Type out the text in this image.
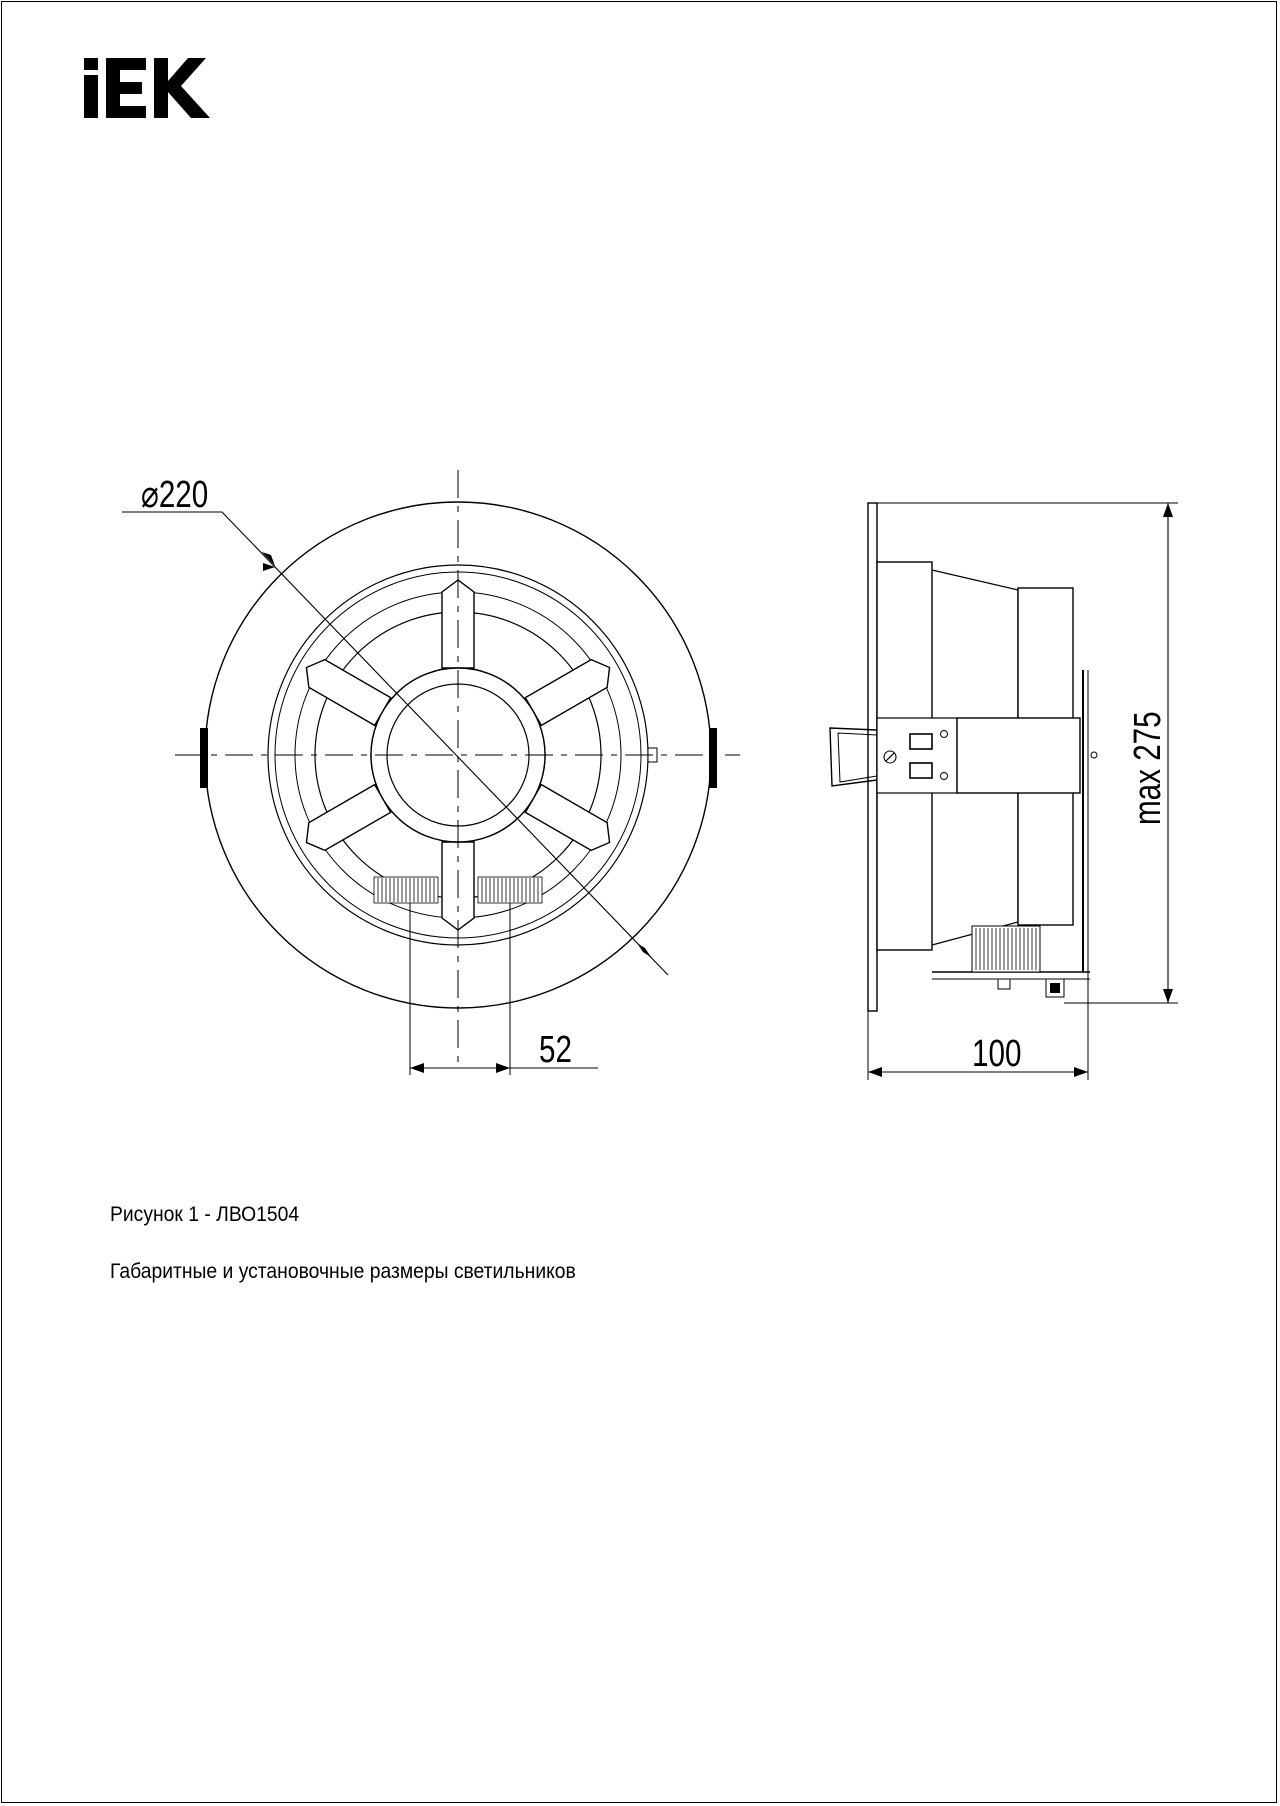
⌀220
52	100
max 275
Рисунок 1 - ЛВО1504
Габаритные и установочные размеры светильников
